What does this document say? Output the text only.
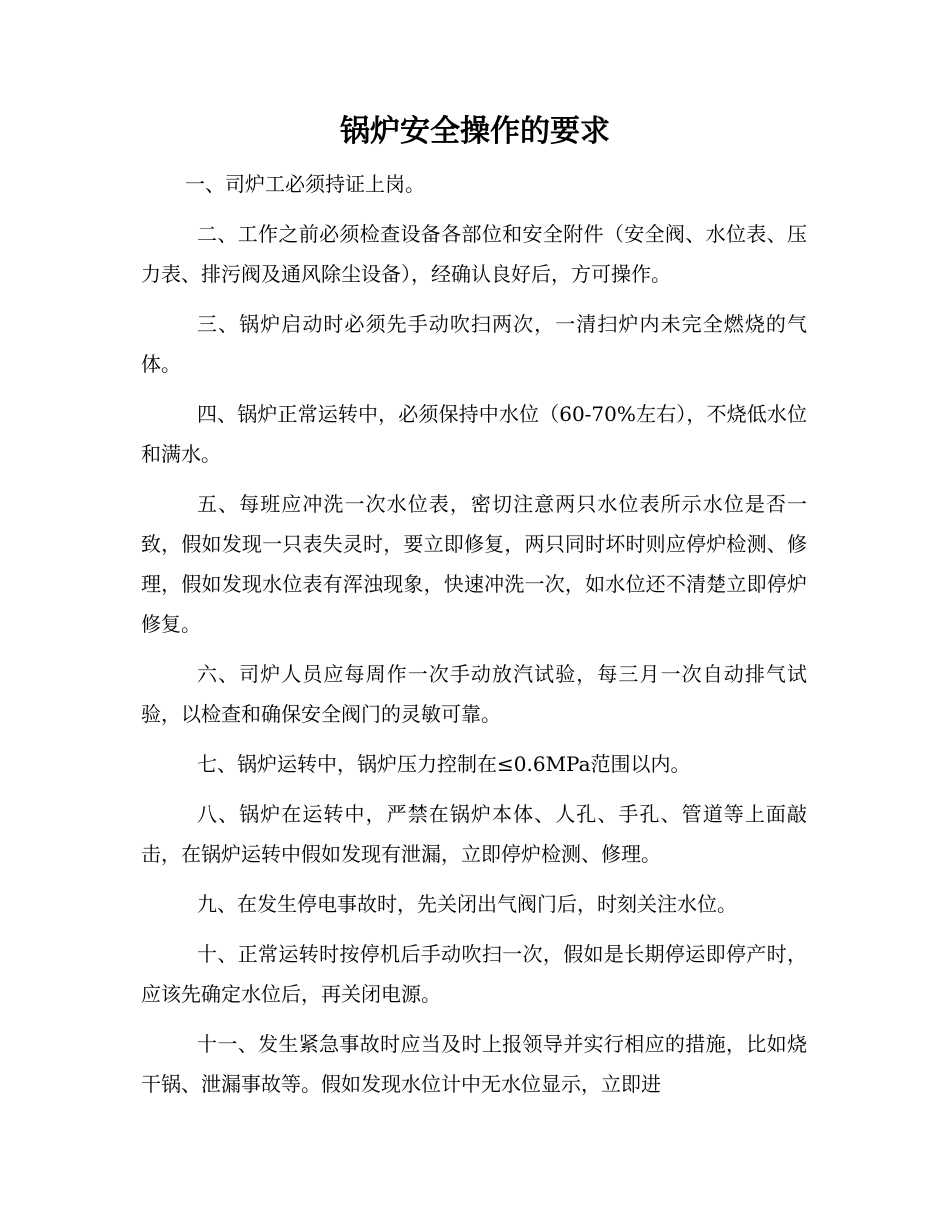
锅炉安全操作的要求

一、司炉工必须持证上岗。

二、工作之前必须检查设备各部位和安全附件（安全阀、水位表、压力表、排污阀及通风除尘设备），经确认良好后，方可操作。

三、锅炉启动时必须先手动吹扫两次，一清扫炉内未完全燃烧的气体。

四、锅炉正常运转中，必须保持中水位（60-70%左右），不烧低水位和满水。

五、每班应冲洗一次水位表，密切注意两只水位表所示水位是否一致，假如发现一只表失灵时，要立即修复，两只同时坏时则应停炉检测、修理，假如发现水位表有浑浊现象，快速冲洗一次，如水位还不清楚立即停炉修复。

六、司炉人员应每周作一次手动放汽试验，每三月一次自动排气试验，以检查和确保安全阀门的灵敏可靠。

七、锅炉运转中，锅炉压力控制在≤0.6MPa范围以内。

八、锅炉在运转中，严禁在锅炉本体、人孔、手孔、管道等上面敲击，在锅炉运转中假如发现有泄漏，立即停炉检测、修理。

九、在发生停电事故时，先关闭出气阀门后，时刻关注水位。

十、正常运转时按停机后手动吹扫一次，假如是长期停运即停产时，应该先确定水位后，再关闭电源。

十一、发生紧急事故时应当及时上报领导并实行相应的措施，比如烧干锅、泄漏事故等。假如发现水位计中无水位显示，立即进
